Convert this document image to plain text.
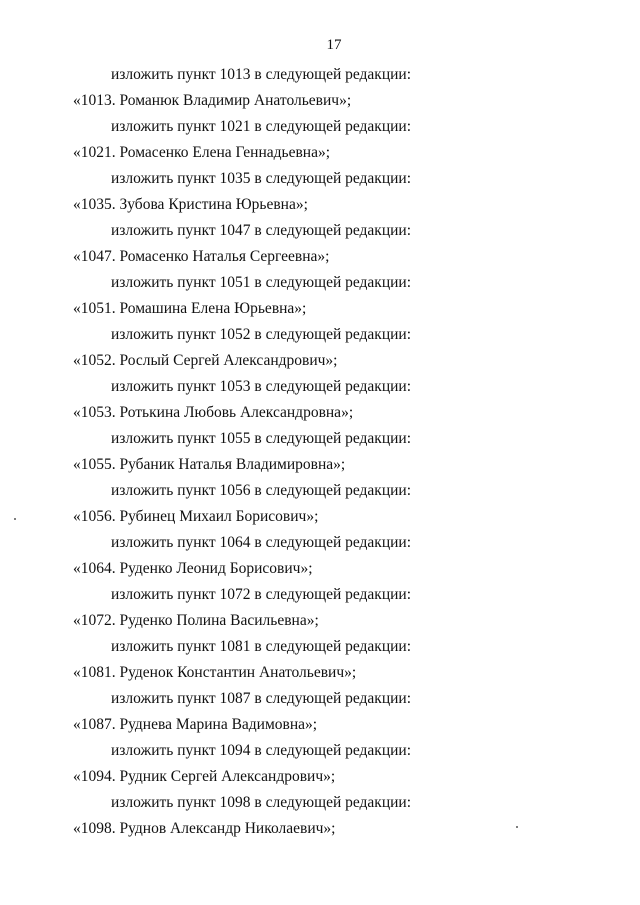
17
изложить пункт 1013 в следующей редакции:
«1013. Романюк Владимир Анатольевич»;
изложить пункт 1021 в следующей редакции:
«1021. Ромасенко Елена Геннадьевна»;
изложить пункт 1035 в следующей редакции:
«1035. Зубова Кристина Юрьевна»;
изложить пункт 1047 в следующей редакции:
«1047. Ромасенко Наталья Сергеевна»;
изложить пункт 1051 в следующей редакции:
«1051. Ромашина Елена Юрьевна»;
изложить пункт 1052 в следующей редакции:
«1052. Рослый Сергей Александрович»;
изложить пункт 1053 в следующей редакции:
«1053. Ротькина Любовь Александровна»;
изложить пункт 1055 в следующей редакции:
«1055. Рубаник Наталья Владимировна»;
изложить пункт 1056 в следующей редакции:
«1056. Рубинец Михаил Борисович»;
изложить пункт 1064 в следующей редакции:
«1064. Руденко Леонид Борисович»;
изложить пункт 1072 в следующей редакции:
«1072. Руденко Полина Васильевна»;
изложить пункт 1081 в следующей редакции:
«1081. Руденок Константин Анатольевич»;
изложить пункт 1087 в следующей редакции:
«1087. Руднева Марина Вадимовна»;
изложить пункт 1094 в следующей редакции:
«1094. Рудник Сергей Александрович»;
изложить пункт 1098 в следующей редакции:
«1098. Руднов Александр Николаевич»;
